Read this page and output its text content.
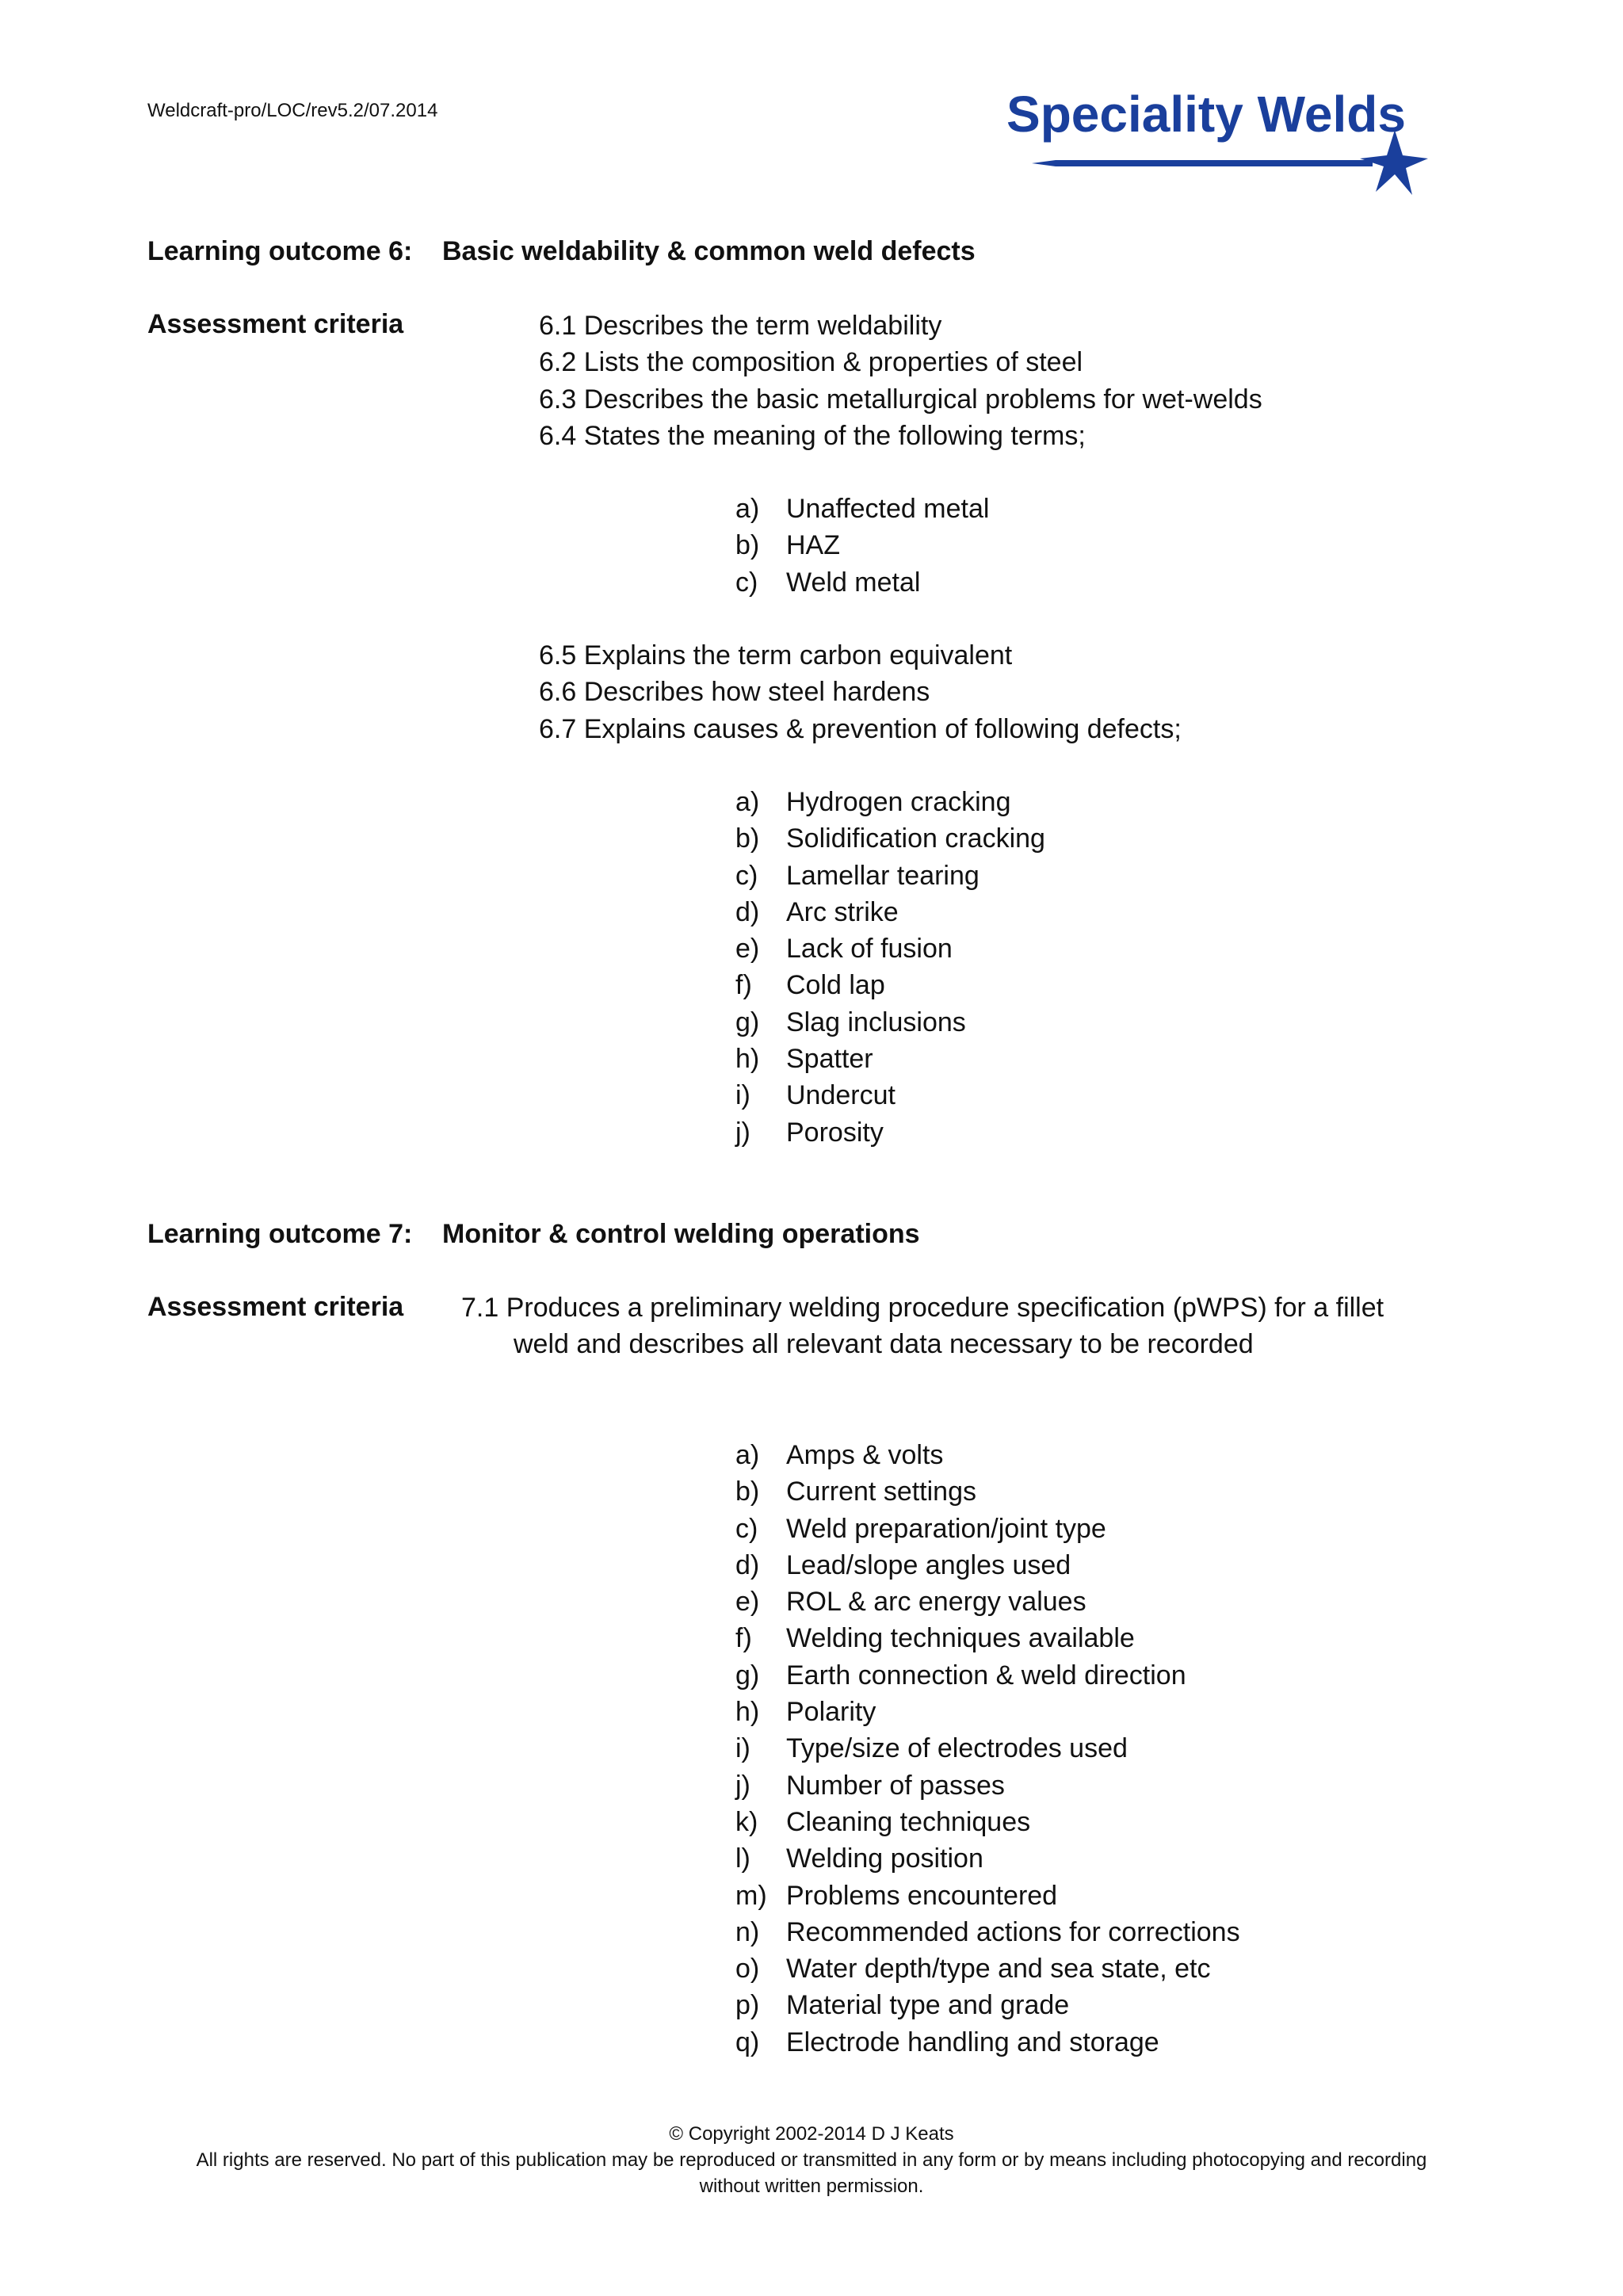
Weldcraft-pro/LOC/rev5.2/07.2014	Speciality Welds
Learning outcome 6: Basic weldability & common weld defects
Assessment criteria	6.1 Describes the term weldability
6.2 Lists the composition & properties of steel
6.3 Describes the basic metallurgical problems for wet-welds
6.4 States the meaning of the following terms;
a) Unaffected metal
b) HAZ
c)	Weld metal
6.5 Explains the term carbon equivalent
6.6 Describes how steel hardens
6.7 Explains causes & prevention of following defects;
a) Hydrogen cracking
b) Solidification cracking
c)	Lamellar tearing
d) Arc strike
e) Lack of fusion
f)	Cold lap
g) Slag inclusions
h) Spatter
i)	Undercut
j)	Porosity
Learning outcome 7: Monitor & control welding operations
Assessment criteria 7.1 Produces a preliminary welding procedure specification (pWPS) for a fillet
weld and describes all relevant data necessary to be recorded
a) Amps & volts
b) Current settings
c)	Weld preparation/joint type
d) Lead/slope angles used
e) ROL & arc energy values
f)	Welding techniques available
g) Earth connection & weld direction
h) Polarity
i)	Type/size of electrodes used
j)	Number of passes
k)	Cleaning techniques
l)	Welding position
m) Problems encountered
n) Recommended actions for corrections
o) Water depth/type and sea state, etc
p) Material type and grade
q) Electrode handling and storage
© Copyright 2002-2014 D J Keats
All rights are reserved. No part of this publication may be reproduced or transmitted in any form or by means including photocopying and recording
without written permission.
